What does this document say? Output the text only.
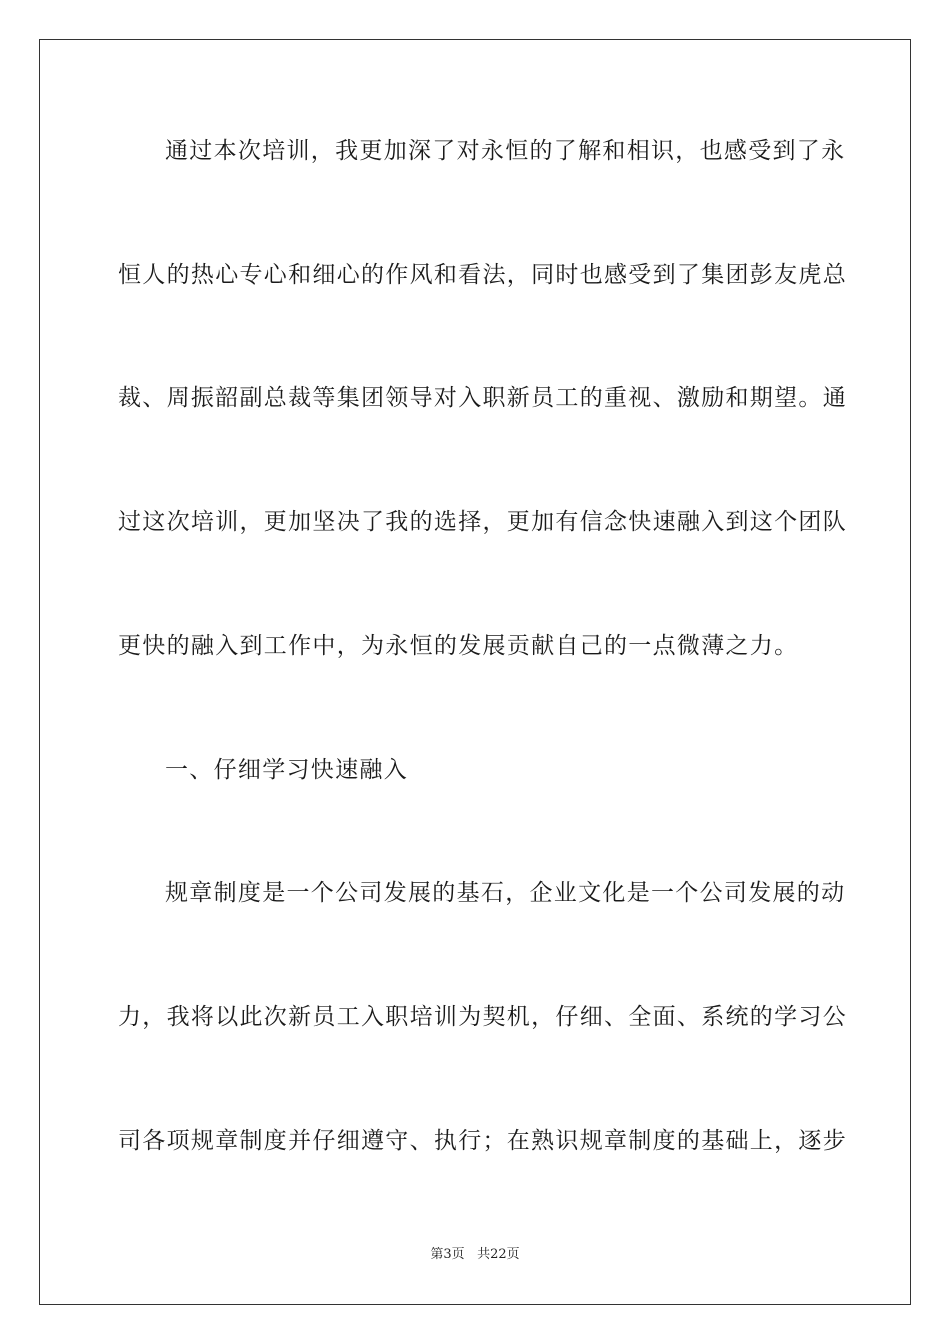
通过本次培训，我更加深了对永恒的了解和相识，也感受到了永
恒人的热心专心和细心的作风和看法，同时也感受到了集团彭友虎总
裁、周振韶副总裁等集团领导对入职新员工的重视、激励和期望。通
过这次培训，更加坚决了我的选择，更加有信念快速融入到这个团队
更快的融入到工作中，为永恒的发展贡献自己的一点微薄之力。
一、仔细学习快速融入
规章制度是一个公司发展的基石，企业文化是一个公司发展的动
力，我将以此次新员工入职培训为契机，仔细、全面、系统的学习公
司各项规章制度并仔细遵守、执行；在熟识规章制度的基础上，逐步
第3页 共22页
